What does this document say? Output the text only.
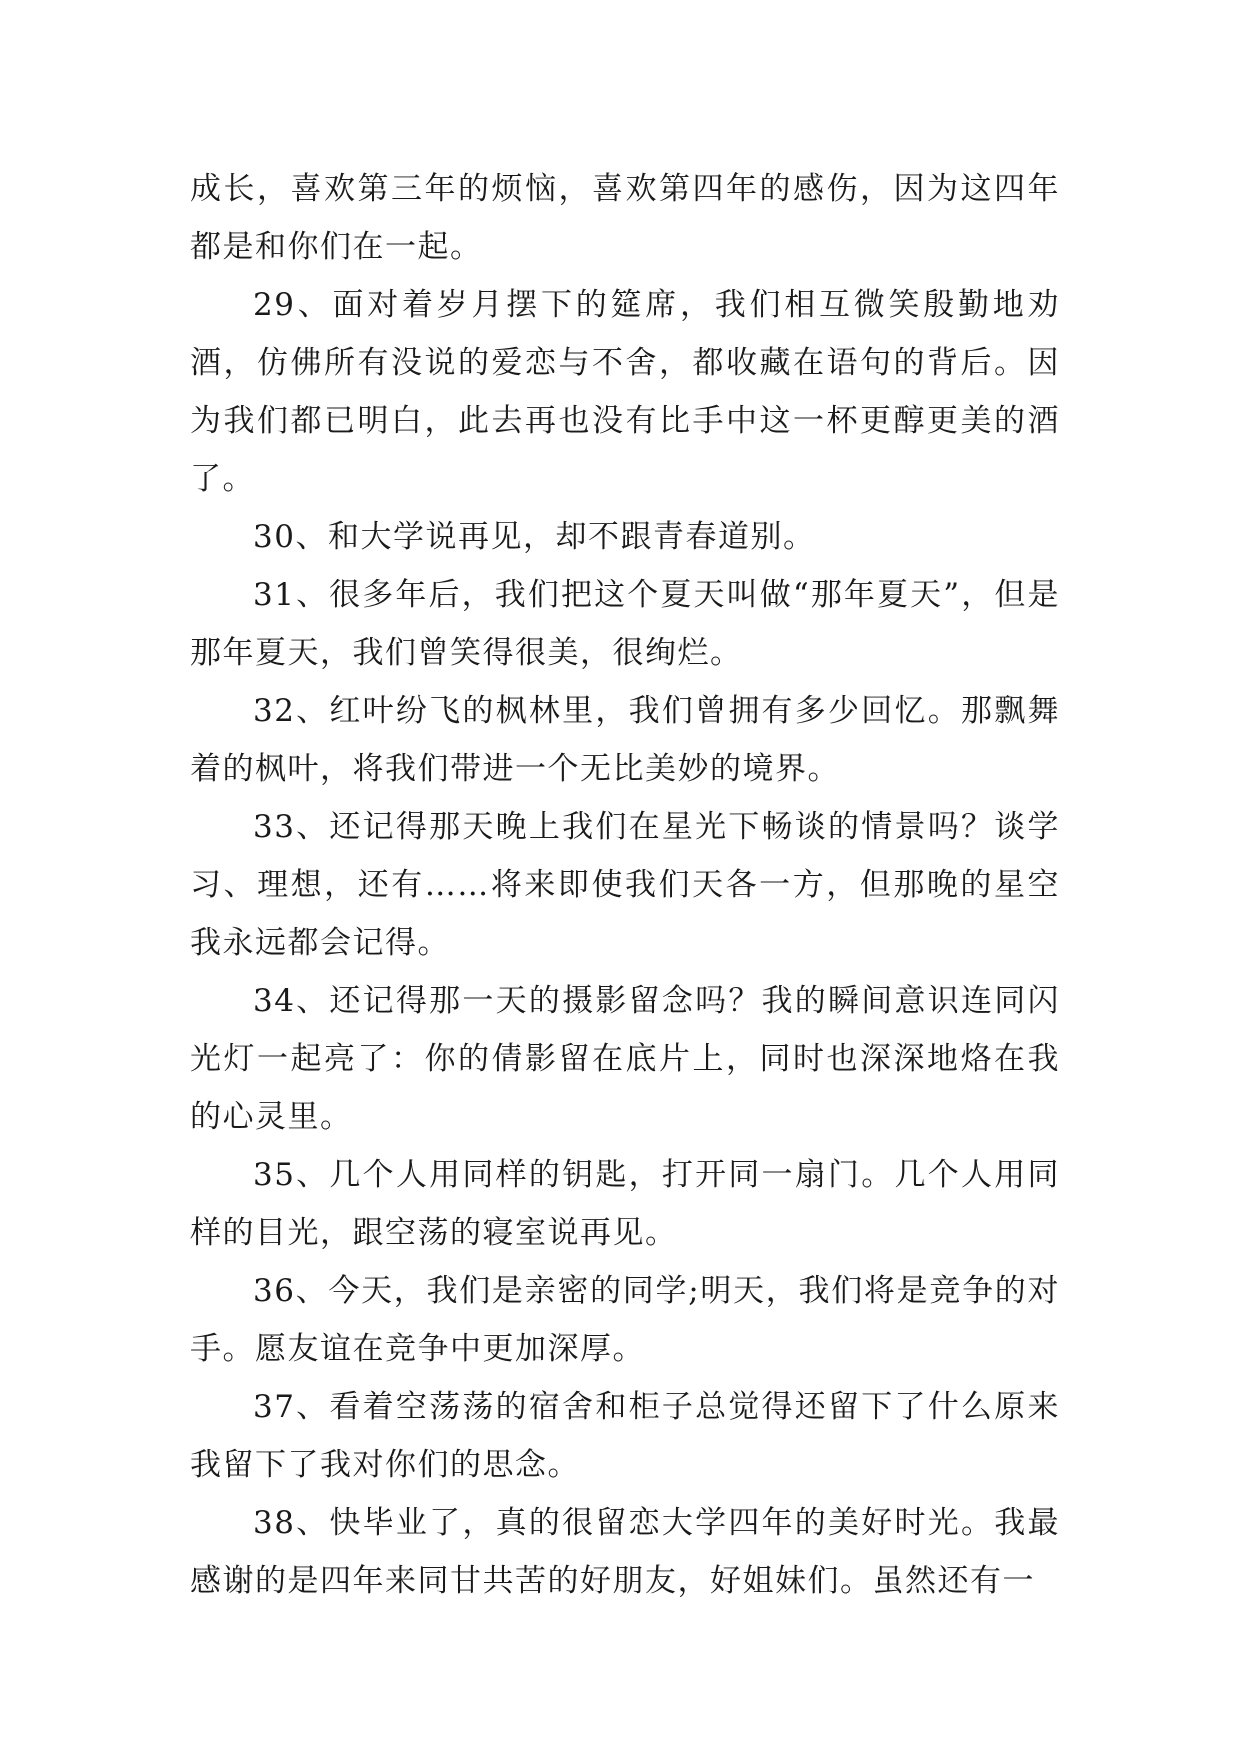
成长，喜欢第三年的烦恼，喜欢第四年的感伤，因为这四年都是和你们在一起。

29、面对着岁月摆下的筵席，我们相互微笑殷勤地劝酒，仿佛所有没说的爱恋与不舍，都收藏在语句的背后。因为我们都已明白，此去再也没有比手中这一杯更醇更美的酒了。

30、和大学说再见，却不跟青春道别。

31、很多年后，我们把这个夏天叫做“那年夏天”，但是那年夏天，我们曾笑得很美，很绚烂。

32、红叶纷飞的枫林里，我们曾拥有多少回忆。那飘舞着的枫叶，将我们带进一个无比美妙的境界。

33、还记得那天晚上我们在星光下畅谈的情景吗？谈学习、理想，还有……将来即使我们天各一方，但那晚的星空我永远都会记得。

34、还记得那一天的摄影留念吗？我的瞬间意识连同闪光灯一起亮了：你的倩影留在底片上，同时也深深地烙在我的心灵里。

35、几个人用同样的钥匙，打开同一扇门。几个人用同样的目光，跟空荡的寝室说再见。

36、今天，我们是亲密的同学;明天，我们将是竞争的对手。愿友谊在竞争中更加深厚。

37、看着空荡荡的宿舍和柜子总觉得还留下了什么原来我留下了我对你们的思念。

38、快毕业了，真的很留恋大学四年的美好时光。我最感谢的是四年来同甘共苦的好朋友，好姐妹们。虽然还有一
